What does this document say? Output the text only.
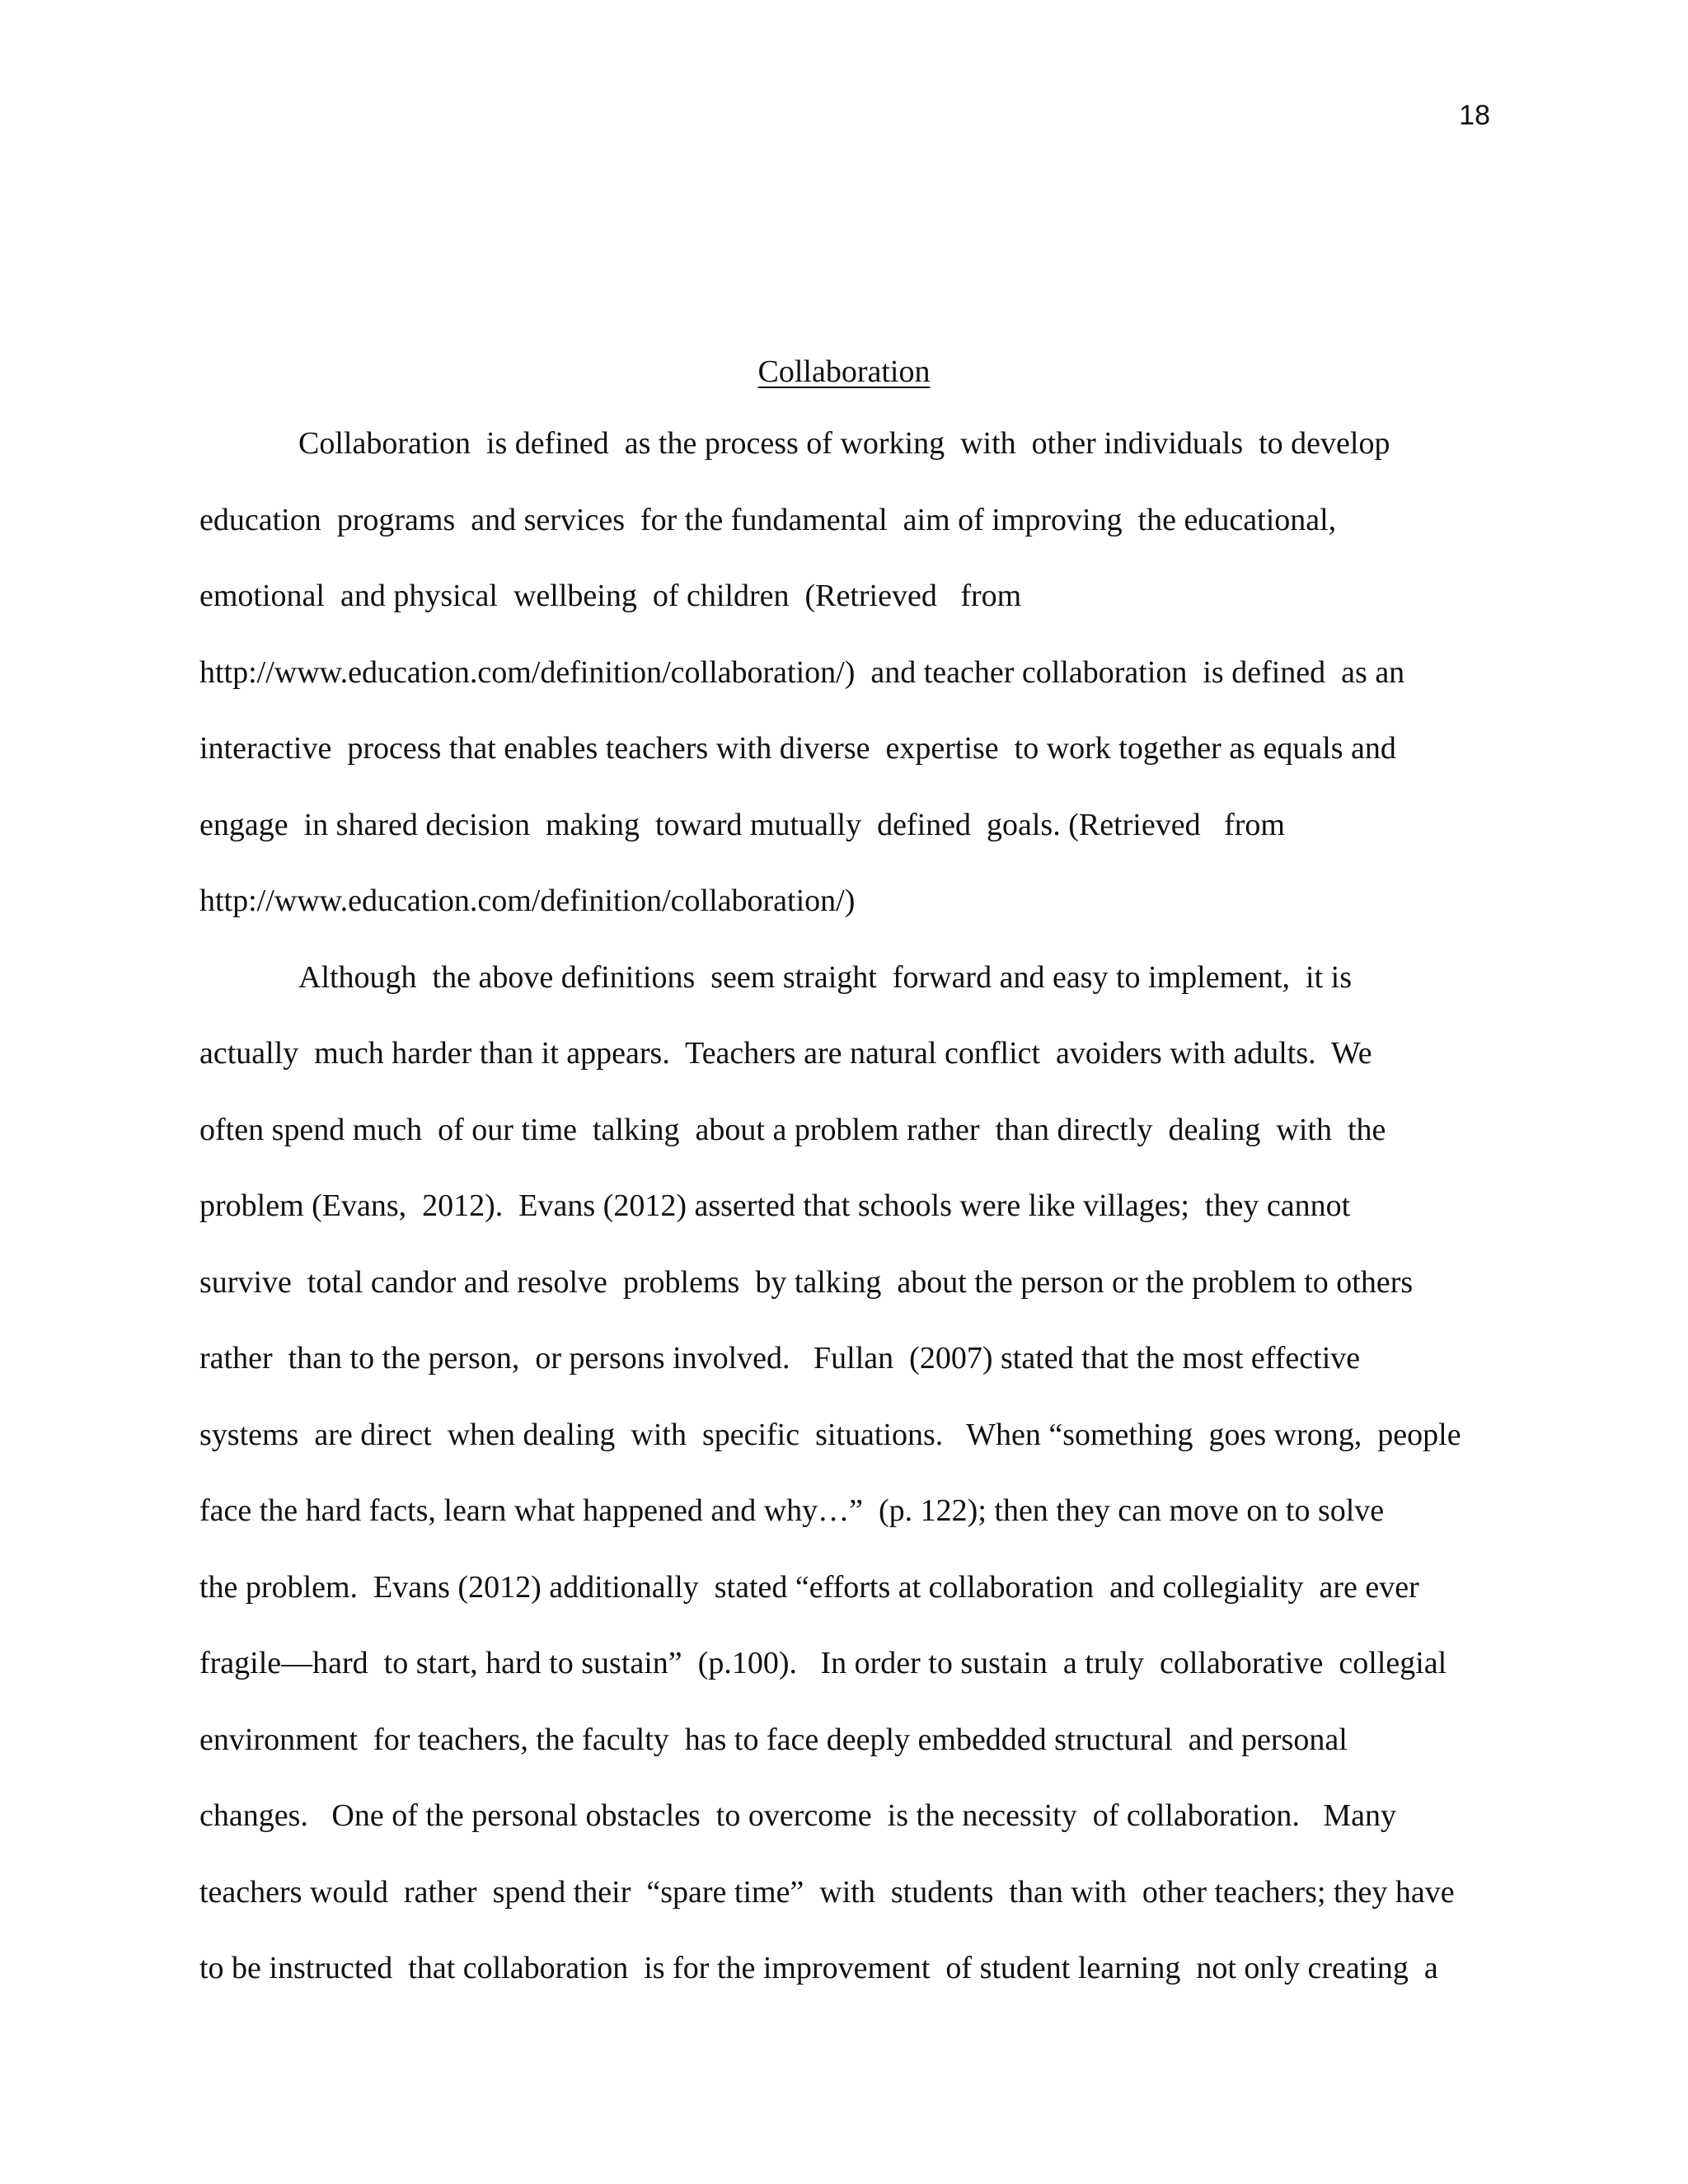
18
Collaboration
Collaboration  is defined  as the process of working  with  other individuals  to develop
education  programs  and services  for the fundamental  aim of improving  the educational,
emotional  and physical  wellbeing  of children  (Retrieved   from
http://www.education.com/definition/collaboration/)  and teacher collaboration  is defined  as an
interactive  process that enables teachers with diverse  expertise  to work together as equals and
engage  in shared decision  making  toward mutually  defined  goals. (Retrieved   from
http://www.education.com/definition/collaboration/)
Although  the above definitions  seem straight  forward and easy to implement,  it is
actually  much harder than it appears.  Teachers are natural conflict  avoiders with adults.  We
often spend much  of our time  talking  about a problem rather  than directly  dealing  with  the
problem (Evans,  2012).  Evans (2012) asserted that schools were like villages;  they cannot
survive  total candor and resolve  problems  by talking  about the person or the problem to others
rather  than to the person,  or persons involved.   Fullan  (2007) stated that the most effective
systems  are direct  when dealing  with  specific  situations.   When “something  goes wrong,  people
face the hard facts, learn what happened and why…”  (p. 122); then they can move on to solve
the problem.  Evans (2012) additionally  stated “efforts at collaboration  and collegiality  are ever
fragile—hard  to start, hard to sustain”  (p.100).   In order to sustain  a truly  collaborative  collegial
environment  for teachers, the faculty  has to face deeply embedded structural  and personal
changes.   One of the personal obstacles  to overcome  is the necessity  of collaboration.   Many
teachers would  rather  spend their  “spare time”  with  students  than with  other teachers; they have
to be instructed  that collaboration  is for the improvement  of student learning  not only creating  a
